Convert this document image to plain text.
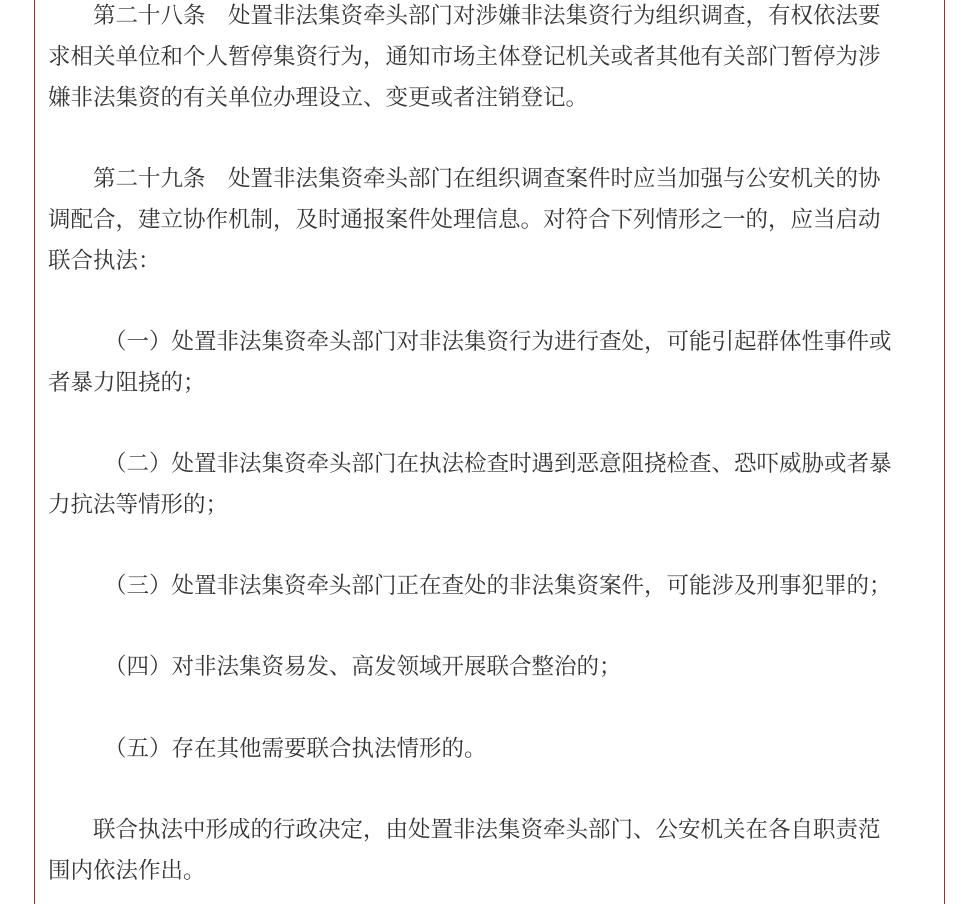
第二十八条　处置非法集资牵头部门对涉嫌非法集资行为组织调查，有权依法要
求相关单位和个人暂停集资行为，通知市场主体登记机关或者其他有关部门暂停为涉
嫌非法集资的有关单位办理设立、变更或者注销登记。
第二十九条　处置非法集资牵头部门在组织调查案件时应当加强与公安机关的协
调配合，建立协作机制，及时通报案件处理信息。对符合下列情形之一的，应当启动
联合执法：
（一）处置非法集资牵头部门对非法集资行为进行查处，可能引起群体性事件或
者暴力阻挠的；
（二）处置非法集资牵头部门在执法检查时遇到恶意阻挠检查、恐吓威胁或者暴
力抗法等情形的；
（三）处置非法集资牵头部门正在查处的非法集资案件，可能涉及刑事犯罪的；
（四）对非法集资易发、高发领域开展联合整治的；
（五）存在其他需要联合执法情形的。
联合执法中形成的行政决定，由处置非法集资牵头部门、公安机关在各自职责范
围内依法作出。
